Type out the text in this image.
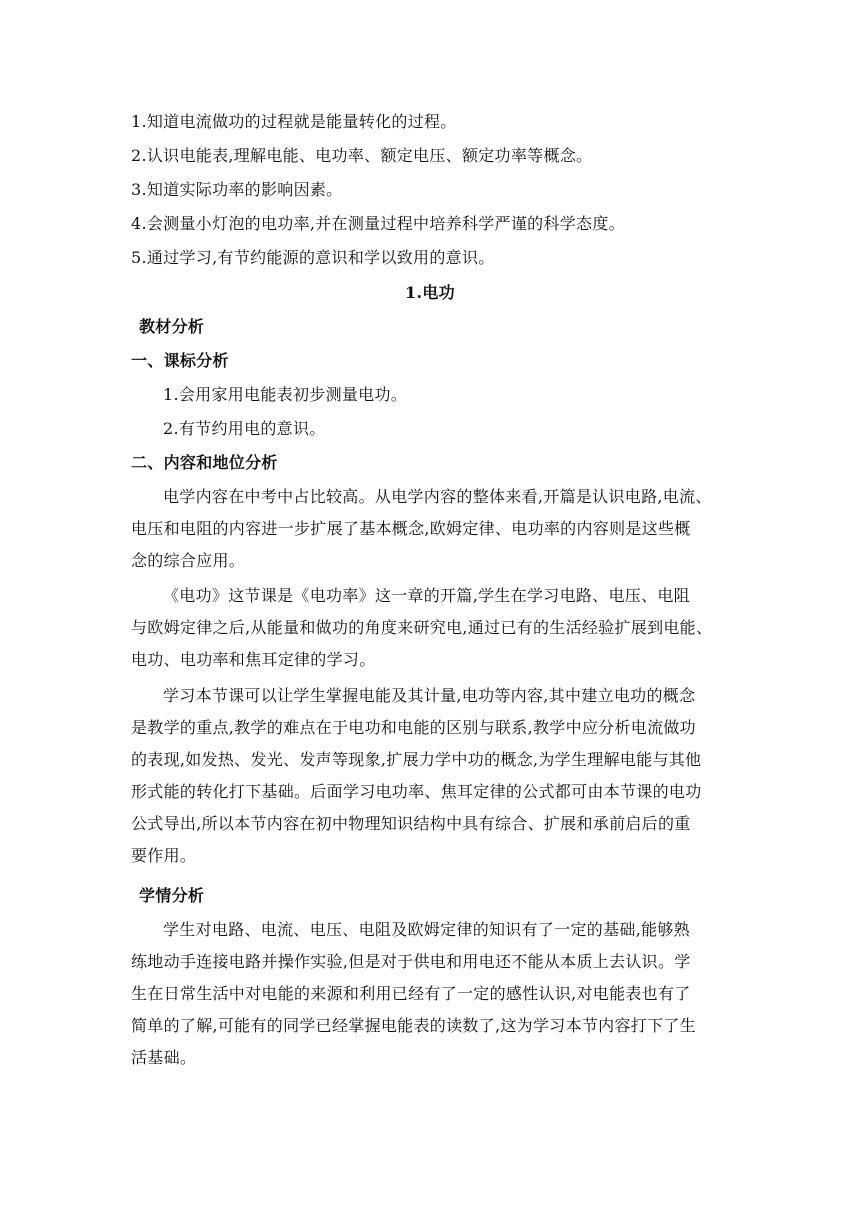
1.知道电流做功的过程就是能量转化的过程。
2.认识电能表,理解电能、电功率、额定电压、额定功率等概念。
3.知道实际功率的影响因素。
4.会测量小灯泡的电功率,并在测量过程中培养科学严谨的科学态度。
5.通过学习,有节约能源的意识和学以致用的意识。
1.电功
教材分析
一、课标分析
1.会用家用电能表初步测量电功。
2.有节约用电的意识。
二、内容和地位分析
电学内容在中考中占比较高。从电学内容的整体来看,开篇是认识电路,电流、
电压和电阻的内容进一步扩展了基本概念,欧姆定律、电功率的内容则是这些概
念的综合应用。
《电功》这节课是《电功率》这一章的开篇,学生在学习电路、电压、电阻
与欧姆定律之后,从能量和做功的角度来研究电,通过已有的生活经验扩展到电能、
电功、电功率和焦耳定律的学习。
学习本节课可以让学生掌握电能及其计量,电功等内容,其中建立电功的概念
是教学的重点,教学的难点在于电功和电能的区别与联系,教学中应分析电流做功
的表现,如发热、发光、发声等现象,扩展力学中功的概念,为学生理解电能与其他
形式能的转化打下基础。后面学习电功率、焦耳定律的公式都可由本节课的电功
公式导出,所以本节内容在初中物理知识结构中具有综合、扩展和承前启后的重
要作用。
学情分析
学生对电路、电流、电压、电阻及欧姆定律的知识有了一定的基础,能够熟
练地动手连接电路并操作实验,但是对于供电和用电还不能从本质上去认识。学
生在日常生活中对电能的来源和利用已经有了一定的感性认识,对电能表也有了
简单的了解,可能有的同学已经掌握电能表的读数了,这为学习本节内容打下了生
活基础。
